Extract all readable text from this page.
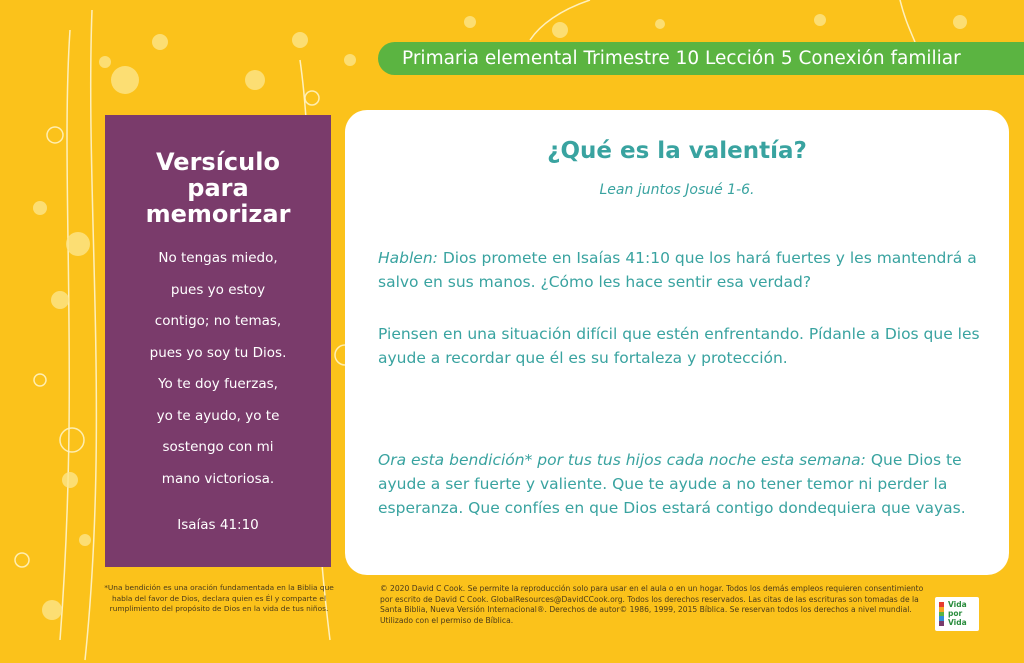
Primaria elemental Trimestre 10 Lección 5 Conexión familiar
Versículo
para
memorizar
No tengas miedo,
pues yo estoy
contigo; no temas,
pues yo soy tu Dios.
Yo te doy fuerzas,
yo te ayudo, yo te
sostengo con mi
mano victoriosa.
Isaías 41:10
¿Qué es la valentía?
Lean juntos Josué 1-6.
Hablen: Dios promete en Isaías 41:10 que los hará fuertes y les mantendrá a salvo en sus manos. ¿Cómo les hace sentir esa verdad?
Piensen en una situación difícil que estén enfrentando. Pídanle a Dios que les ayude a recordar que él es su fortaleza y protección.
Ora esta bendición* por tus tus hijos cada noche esta semana: Que Dios te ayude a ser fuerte y valiente. Que te ayude a no tener temor ni perder la esperanza. Que confíes en que Dios estará contigo dondequiera que vayas.
*Una bendición es una oración fundamentada en la Biblia que habla del favor de Dios, declara quien es Él y comparte el rumplimiento del propósito de Dios en la vida de tus niños.
© 2020 David C Cook. Se permite la reproducción solo para usar en el aula o en un hogar. Todos los demás empleos requieren consentimiento por escrito de David C Cook. GlobalResources@DavidCCook.org. Todos los derechos reservados. Las citas de las escrituras son tomadas de la Santa Biblia, Nueva Versión Internacional®. Derechos de autor© 1986, 1999, 2015 Bíblica. Se reservan todos los derechos a nivel mundial. Utilizado con el permiso de Bíblica.
Vida
por
Vida
